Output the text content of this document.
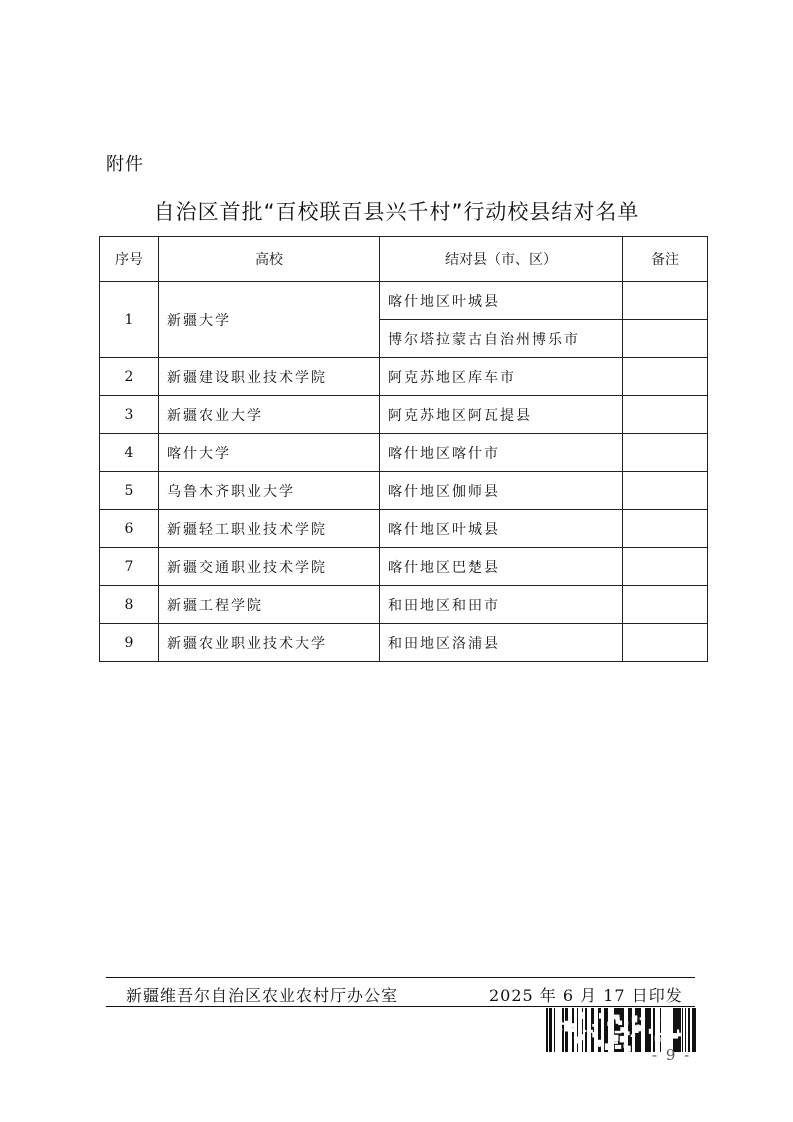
附件
自治区首批“百校联百县兴千村”行动校县结对名单
序号	高校	结对县（市、区）	备注
1	新疆大学	喀什地区叶城县	
		博尔塔拉蒙古自治州博乐市	
2	新疆建设职业技术学院	阿克苏地区库车市	
3	新疆农业大学	阿克苏地区阿瓦提县	
4	喀什大学	喀什地区喀什市	
5	乌鲁木齐职业大学	喀什地区伽师县	
6	新疆轻工职业技术学院	喀什地区叶城县	
7	新疆交通职业技术学院	喀什地区巴楚县	
8	新疆工程学院	和田地区和田市	
9	新疆农业职业技术大学	和田地区洛浦县	
新疆维吾尔自治区农业农村厅办公室	2025 年 6 月 17 日印发
- 9 -
